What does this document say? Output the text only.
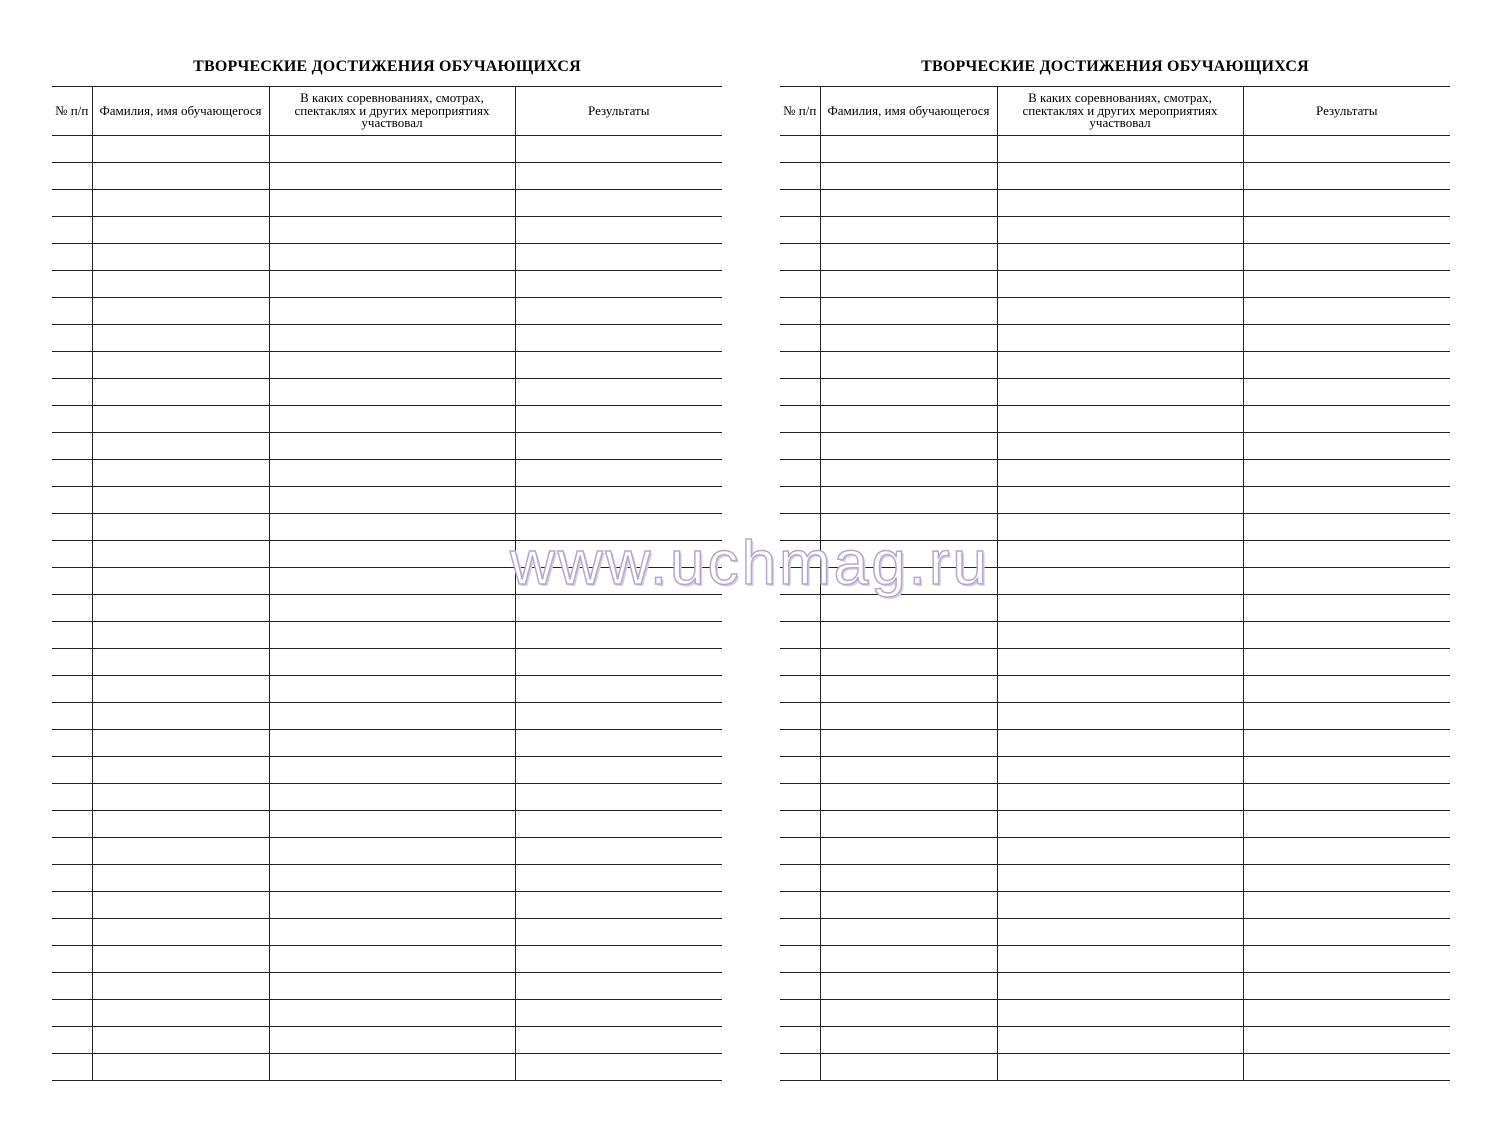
ТВОРЧЕСКИЕ ДОСТИЖЕНИЯ ОБУЧАЮЩИХСЯ
№ п/п	Фамилия, имя обучающегося	В каких соревнованиях, смотрах, спектаклях и других мероприятиях участвовал	Результаты

ТВОРЧЕСКИЕ ДОСТИЖЕНИЯ ОБУЧАЮЩИХСЯ
№ п/п	Фамилия, имя обучающегося	В каких соревнованиях, смотрах, спектаклях и других мероприятиях участвовал	Результаты

www.uchmag.ru
